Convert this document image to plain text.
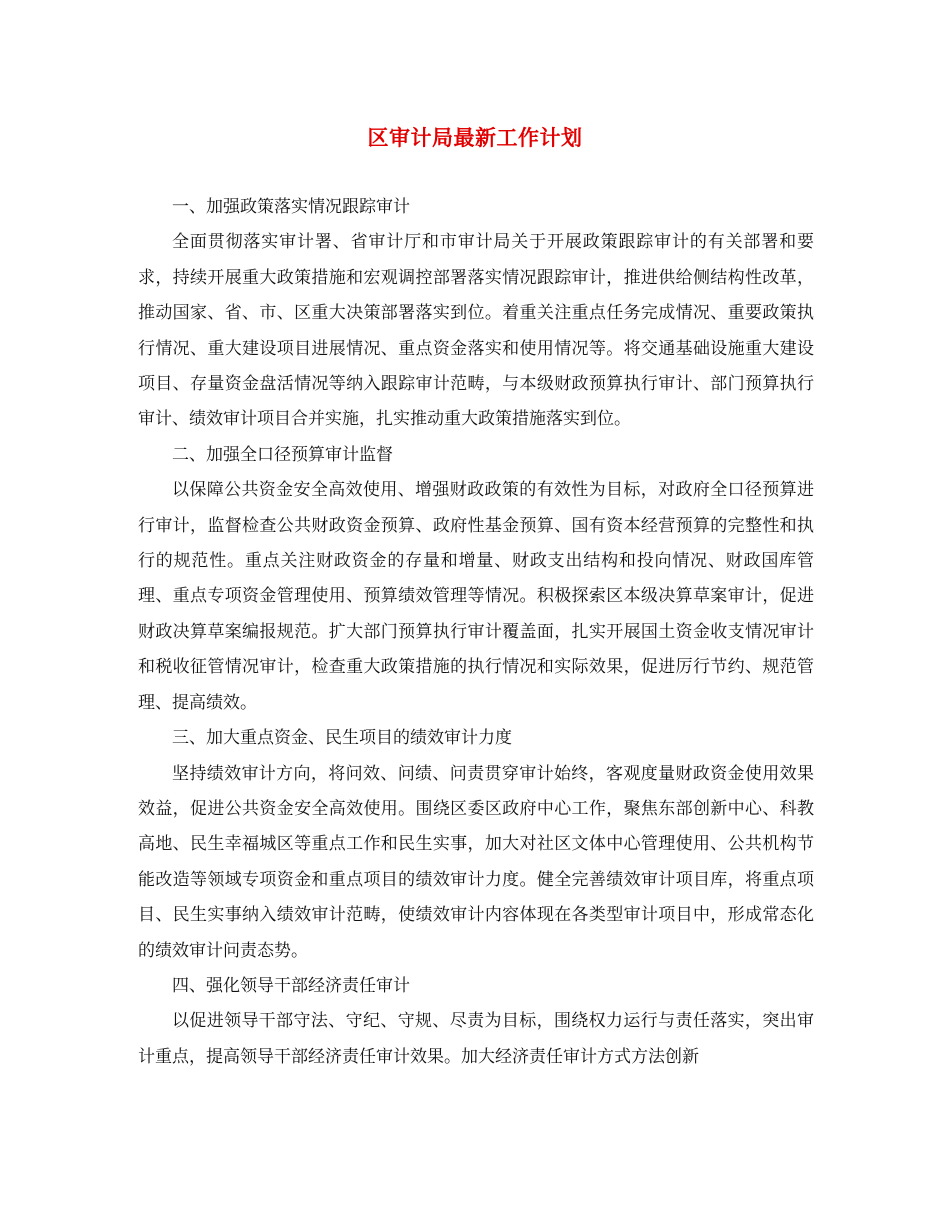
区审计局最新工作计划

一、加强政策落实情况跟踪审计

全面贯彻落实审计署、省审计厅和市审计局关于开展政策跟踪审计的有关部署和要求，持续开展重大政策措施和宏观调控部署落实情况跟踪审计，推进供给侧结构性改革，推动国家、省、市、区重大决策部署落实到位。着重关注重点任务完成情况、重要政策执行情况、重大建设项目进展情况、重点资金落实和使用情况等。将交通基础设施重大建设项目、存量资金盘活情况等纳入跟踪审计范畴，与本级财政预算执行审计、部门预算执行审计、绩效审计项目合并实施，扎实推动重大政策措施落实到位。

二、加强全口径预算审计监督

以保障公共资金安全高效使用、增强财政政策的有效性为目标，对政府全口径预算进行审计，监督检查公共财政资金预算、政府性基金预算、国有资本经营预算的完整性和执行的规范性。重点关注财政资金的存量和增量、财政支出结构和投向情况、财政国库管理、重点专项资金管理使用、预算绩效管理等情况。积极探索区本级决算草案审计，促进财政决算草案编报规范。扩大部门预算执行审计覆盖面，扎实开展国土资金收支情况审计和税收征管情况审计，检查重大政策措施的执行情况和实际效果，促进厉行节约、规范管理、提高绩效。

三、加大重点资金、民生项目的绩效审计力度

坚持绩效审计方向，将问效、问绩、问责贯穿审计始终，客观度量财政资金使用效果效益，促进公共资金安全高效使用。围绕区委区政府中心工作，聚焦东部创新中心、科教高地、民生幸福城区等重点工作和民生实事，加大对社区文体中心管理使用、公共机构节能改造等领域专项资金和重点项目的绩效审计力度。健全完善绩效审计项目库，将重点项目、民生实事纳入绩效审计范畴，使绩效审计内容体现在各类型审计项目中，形成常态化的绩效审计问责态势。

四、强化领导干部经济责任审计

以促进领导干部守法、守纪、守规、尽责为目标，围绕权力运行与责任落实，突出审计重点，提高领导干部经济责任审计效果。加大经济责任审计方式方法创新
